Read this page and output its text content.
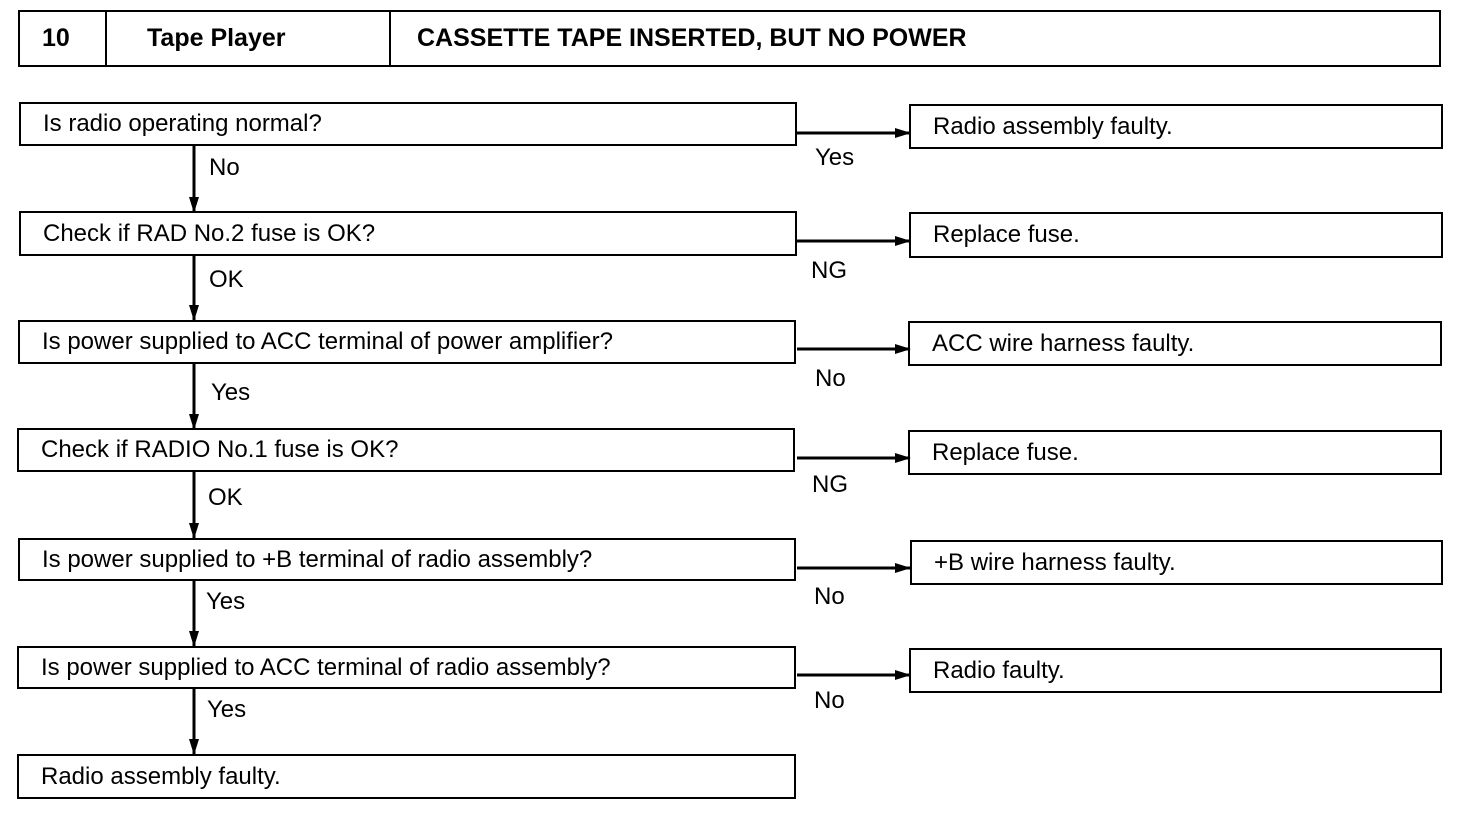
10	Tape Player	CASSETTE TAPE INSERTED, BUT NO POWER
Is radio operating normal?
No	Yes
Radio assembly faulty.
Check if RAD No.2 fuse is OK?
OK	NG
Replace fuse.
Is power supplied to ACC terminal of power amplifier?
Yes
No
ACC wire harness faulty.
Check if RADIO No.1 fuse is OK?
OK	NG
Replace fuse.
Is power supplied to +B terminal of radio assembly?
Yes	No
+B wire harness faulty.
Is power supplied to ACC terminal of radio assembly?
Yes	No
Radio faulty.
Radio assembly faulty.
